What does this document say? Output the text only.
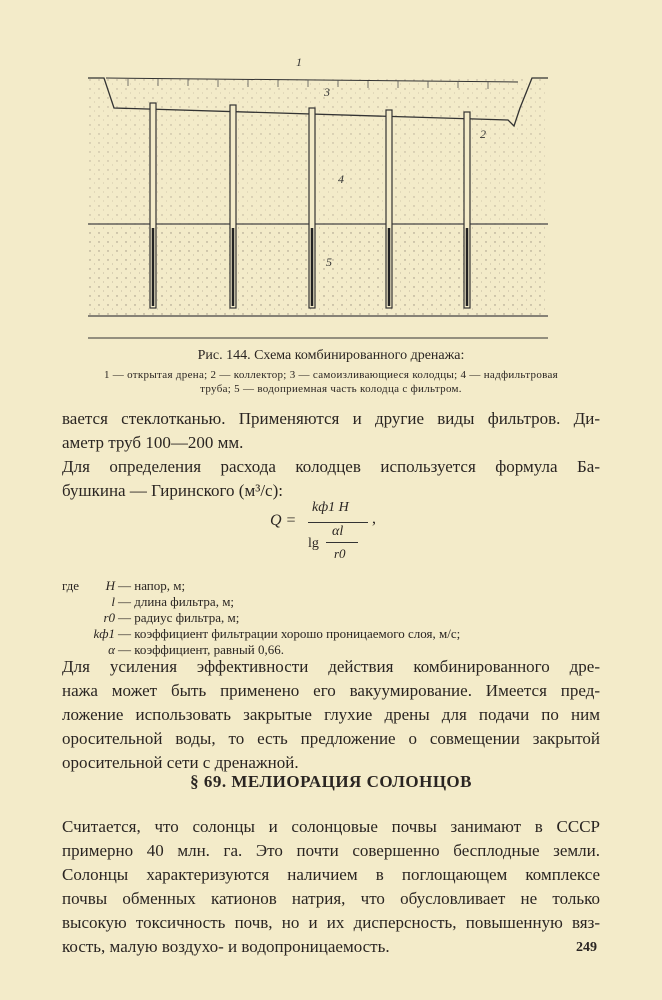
1
2
3
4
5
Рис. 144. Схема комбинированного дренажа:
1 — открытая дрена; 2 — коллектор; 3 — самоизливающиеся колодцы; 4 — надфильтровая
труба; 5 — водоприемная часть колодца с фильтром.
вается стеклотканью. Применяются и другие виды фильтров. Ди-
аметр труб 100—200 мм.
Для определения расхода колодцев используется формула Ба-
бушкина — Гиринского (м³/с):
Q =
kф1 H
lg
αl
r0
,
где	H — напор, м;
l — длина фильтра, м;
r0 — радиус фильтра, м;
kф1 — коэффициент фильтрации хорошо проницаемого слоя, м/с;
α — коэффициент, равный 0,66.
Для усиления эффективности действия комбинированного дре-
нажа может быть применено его вакуумирование. Имеется пред-
ложение использовать закрытые глухие дрены для подачи по ним
оросительной воды, то есть предложение о совмещении закрытой
оросительной сети с дренажной.
§ 69. МЕЛИОРАЦИЯ СОЛОНЦОВ
Считается, что солонцы и солонцовые почвы занимают в СССР
примерно 40 млн. га. Это почти совершенно бесплодные земли.
Солонцы характеризуются наличием в поглощающем комплексе
почвы обменных катионов натрия, что обусловливает не только
высокую токсичность почв, но и их дисперсность, повышенную вяз-
кость, малую воздухо- и водопроницаемость.	249
